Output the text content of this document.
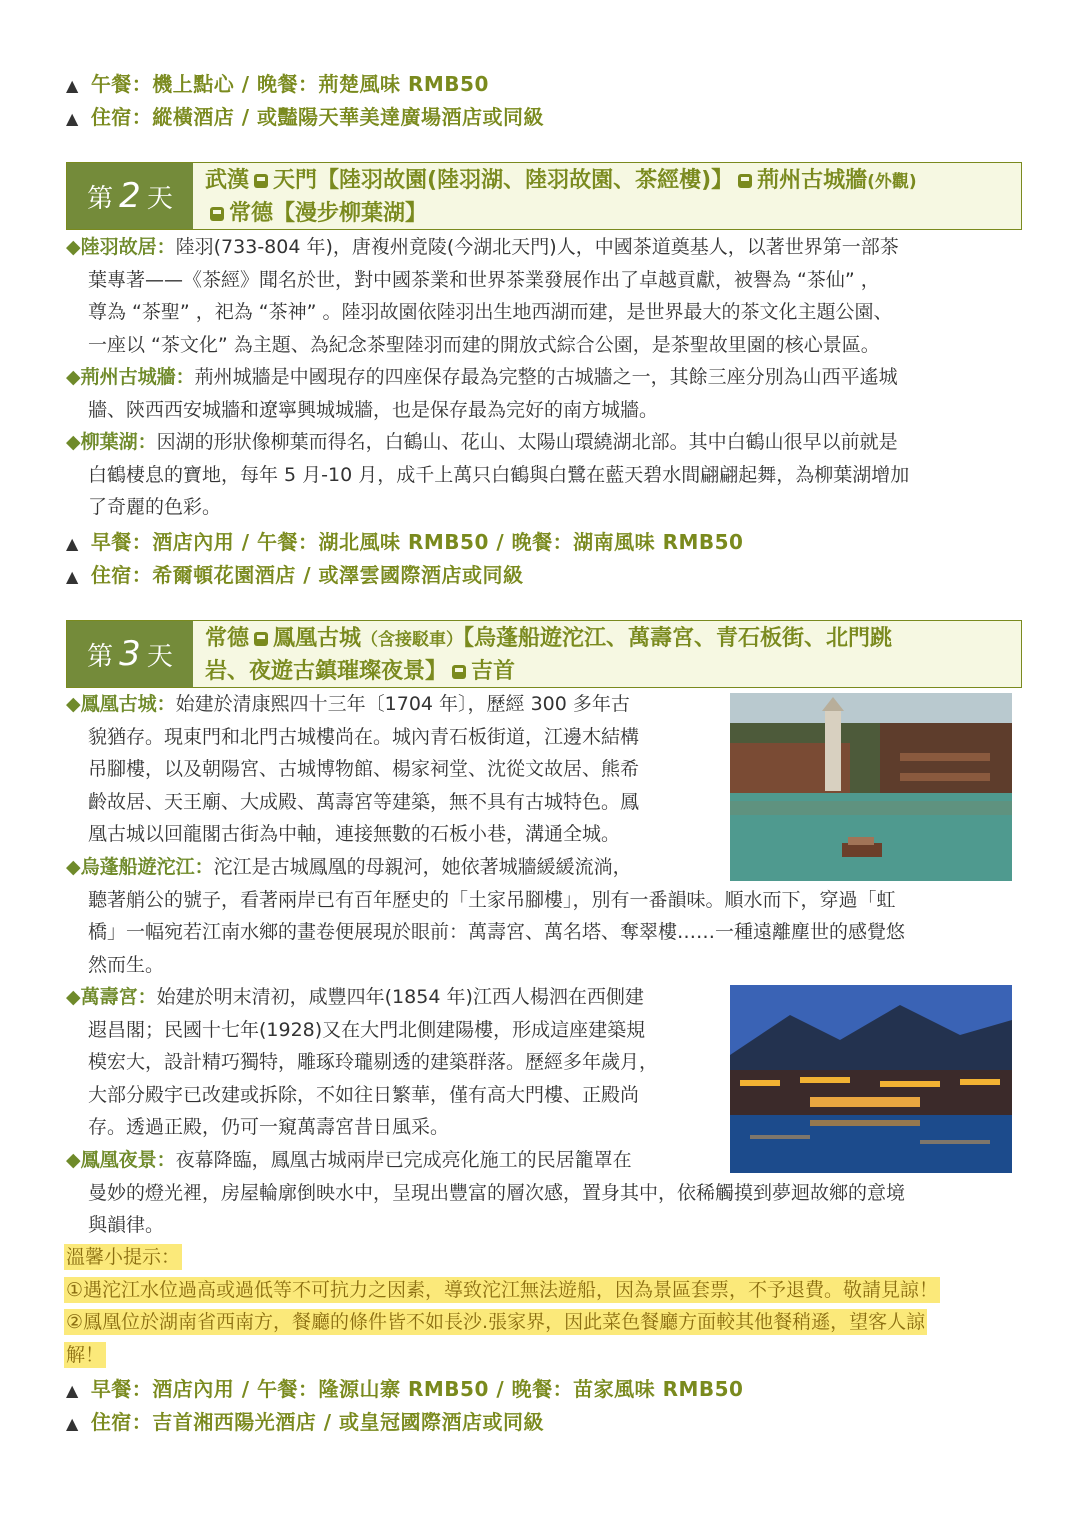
▲ 午餐：機上點心 / 晚餐：荊楚風味 RMB50
▲ 住宿：縱橫酒店 / 或豔陽天華美達廣場酒店或同級
第 2 天
武漢 天門【陸羽故園(陸羽湖、陸羽故園、茶經樓)】 荊州古城牆(外觀)
常德【漫步柳葉湖】
◆陸羽故居：陸羽(733-804 年)，唐複州竟陵(今湖北天門)人，中國茶道奠基人，以著世界第一部茶
葉專著——《茶經》聞名於世，對中國茶業和世界茶業發展作出了卓越貢獻，被譽為 “茶仙” ，
尊為 “茶聖” ，祀為 “茶神” 。陸羽故園依陸羽出生地西湖而建，是世界最大的茶文化主題公園、
一座以 “茶文化” 為主題、為紀念茶聖陸羽而建的開放式綜合公園，是茶聖故里園的核心景區。
◆荊州古城牆：荊州城牆是中國現存的四座保存最為完整的古城牆之一，其餘三座分別為山西平遙城
牆、陝西西安城牆和遼寧興城城牆，也是保存最為完好的南方城牆。
◆柳葉湖：因湖的形狀像柳葉而得名，白鶴山、花山、太陽山環繞湖北部。其中白鶴山很早以前就是
白鶴棲息的寶地，每年 5 月-10 月，成千上萬只白鶴與白鷺在藍天碧水間翩翩起舞，為柳葉湖增加
了奇麗的色彩。
▲ 早餐：酒店內用 / 午餐：湖北風味 RMB50 / 晚餐：湖南風味 RMB50
▲ 住宿：希爾頓花園酒店 / 或澤雲國際酒店或同級
第 3 天
常德 鳳凰古城（含接駁車）【烏蓬船遊沱江、萬壽宮、青石板街、北門跳
岩、夜遊古鎮璀璨夜景】 吉首
◆鳳凰古城：始建於清康熙四十三年〔1704 年〕，歷經 300 多年古
貌猶存。現東門和北門古城樓尚在。城內青石板街道，江邊木結構
吊腳樓，以及朝陽宮、古城博物館、楊家祠堂、沈從文故居、熊希
齡故居、天王廟、大成殿、萬壽宮等建築，無不具有古城特色。鳳
凰古城以回龍閣古街為中軸，連接無數的石板小巷，溝通全城。
◆烏蓬船遊沱江：沱江是古城鳳凰的母親河，她依著城牆緩緩流淌，
聽著艄公的號子，看著兩岸已有百年歷史的「土家吊腳樓」，別有一番韻味。順水而下，穿過「虹
橋」一幅宛若江南水鄉的畫卷便展現於眼前：萬壽宮、萬名塔、奪翠樓……一種遠離塵世的感覺悠
然而生。
◆萬壽宮：始建於明末清初，咸豐四年(1854 年)江西人楊泗在西側建
遐昌閣；民國十七年(1928)又在大門北側建陽樓，形成這座建築規
模宏大，設計精巧獨特，雕琢玲瓏剔透的建築群落。歷經多年歲月，
大部分殿宇已改建或拆除，不如往日繁華，僅有高大門樓、正殿尚
存。透過正殿，仍可一窺萬壽宮昔日風采。
◆鳳凰夜景：夜幕降臨，鳳凰古城兩岸已完成亮化施工的民居籠罩在
曼妙的燈光裡，房屋輪廓倒映水中，呈現出豐富的層次感，置身其中，依稀觸摸到夢迴故鄉的意境
與韻律。
溫馨小提示：
①遇沱江水位過高或過低等不可抗力之因素，導致沱江無法遊船，因為景區套票，不予退費。敬請見諒！
②鳳凰位於湖南省西南方，餐廳的條件皆不如長沙.張家界，因此菜色餐廳方面較其他餐稍遜，望客人諒
解！
▲ 早餐：酒店內用 / 午餐：隆源山寨 RMB50 / 晚餐：苗家風味 RMB50
▲ 住宿：吉首湘西陽光酒店 / 或皇冠國際酒店或同級
